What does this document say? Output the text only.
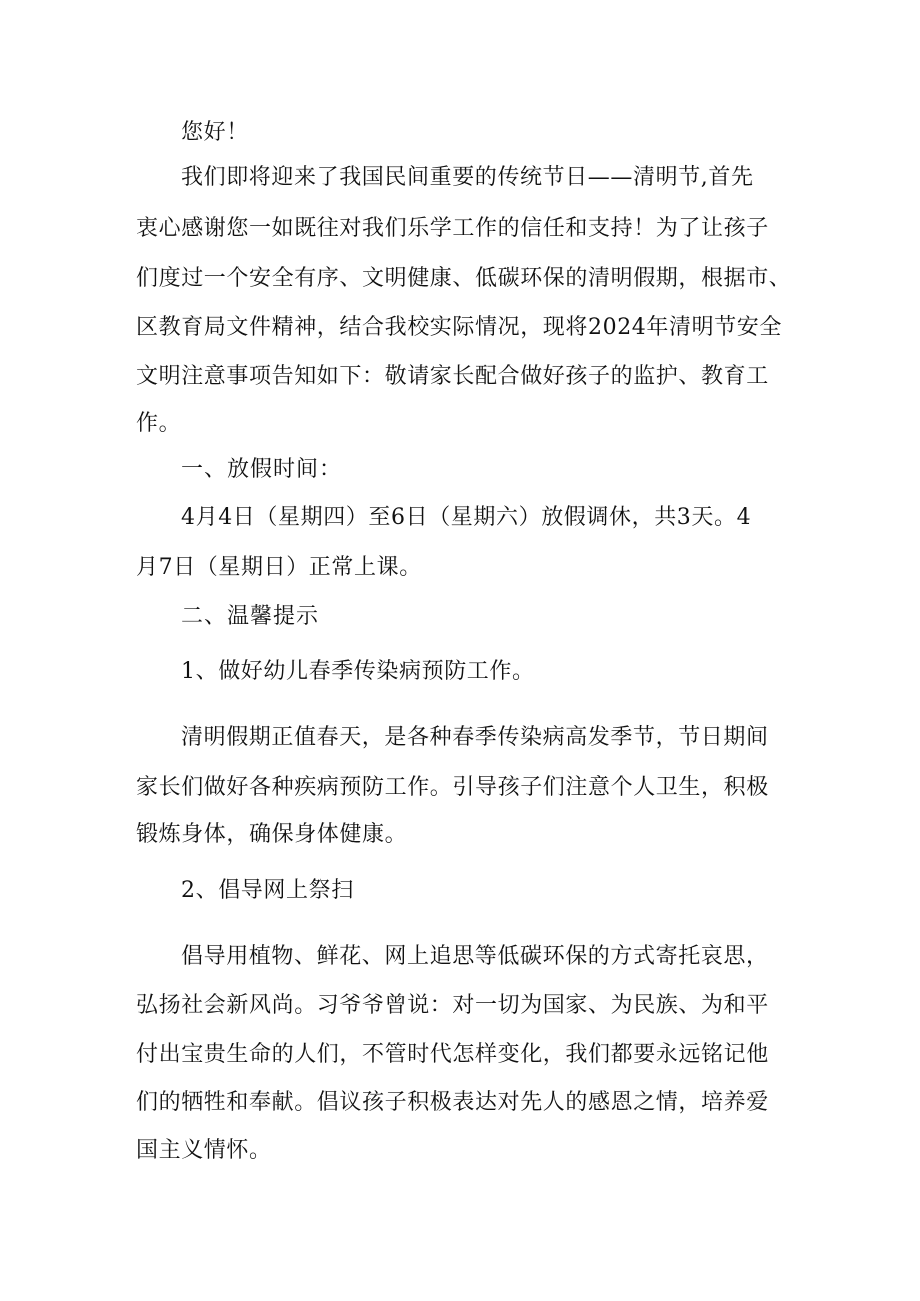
您好！
我们即将迎来了我国民间重要的传统节日——清明节,首先
衷心感谢您一如既往对我们乐学工作的信任和支持！为了让孩子
们度过一个安全有序、文明健康、低碳环保的清明假期，根据市、
区教育局文件精神，结合我校实际情况，现将2024年清明节安全
文明注意事项告知如下：敬请家长配合做好孩子的监护、教育工
作。
一、放假时间：
4月4日（星期四）至6日（星期六）放假调休，共3天。4
月7日（星期日）正常上课。
二、温馨提示
1、做好幼儿春季传染病预防工作。
清明假期正值春天，是各种春季传染病高发季节，节日期间
家长们做好各种疾病预防工作。引导孩子们注意个人卫生，积极
锻炼身体，确保身体健康。
2、倡导网上祭扫
倡导用植物、鲜花、网上追思等低碳环保的方式寄托哀思，
弘扬社会新风尚。习爷爷曾说：对一切为国家、为民族、为和平
付出宝贵生命的人们，不管时代怎样变化，我们都要永远铭记他
们的牺牲和奉献。倡议孩子积极表达对先人的感恩之情，培养爱
国主义情怀。
